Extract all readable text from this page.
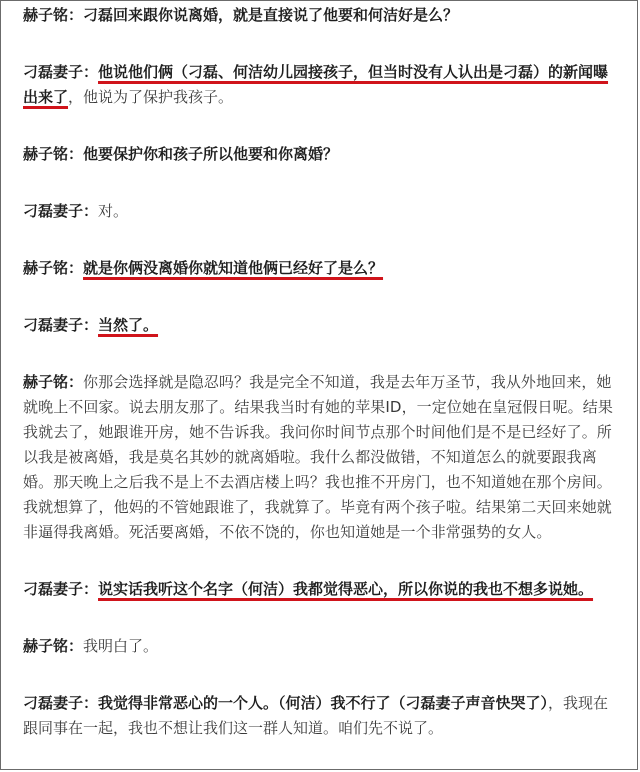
赫子铭：刁磊回来跟你说离婚，就是直接说了他要和何洁好是么？

刁磊妻子：他说他们俩（刁磊、何洁幼儿园接孩子，但当时没有人认出是刁磊）的新闻曝出来了，他说为了保护我孩子。

赫子铭：他要保护你和孩子所以他要和你离婚？

刁磊妻子：对。

赫子铭：就是你俩没离婚你就知道他俩已经好了是么？

刁磊妻子：当然了。

赫子铭：你那会选择就是隐忍吗？我是完全不知道，我是去年万圣节，我从外地回来，她就晚上不回家。说去朋友那了。结果我当时有她的苹果ID，一定位她在皇冠假日呢。结果我就去了，她跟谁开房，她不告诉我。我问你时间节点那个时间他们是不是已经好了。所以我是被离婚，我是莫名其妙的就离婚啦。我什么都没做错，不知道怎么的就要跟我离婚。那天晚上之后我不是上不去酒店楼上吗？我也推不开房门，也不知道她在那个房间。我就想算了，他妈的不管她跟谁了，我就算了。毕竟有两个孩子啦。结果第二天回来她就非逼得我离婚。死活要离婚，不依不饶的，你也知道她是一个非常强势的女人。

刁磊妻子：说实话我听这个名字（何洁）我都觉得恶心，所以你说的我也不想多说她。

赫子铭：我明白了。

刁磊妻子：我觉得非常恶心的一个人。（何洁）我不行了（刁磊妻子声音快哭了），我现在跟同事在一起，我也不想让我们这一群人知道。咱们先不说了。
